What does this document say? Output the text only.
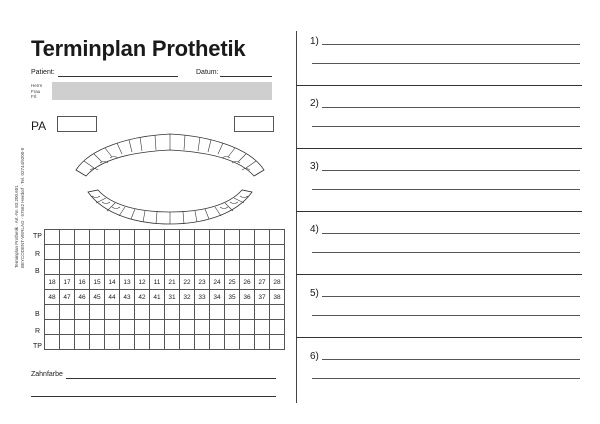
Terminplan Prothetik
Patient:	Datum:
Herrn
Frau
Frl.
PA
Terminplan Prothetik · Art.-Nr. 83.200.601 BEYCODENT-VERLAG · 57562 Herdorf · Tel. 02744/9200-0

18	17	16	15	14	13	12	11	21	22	23	24	25	26	27	28
48	47	46	45	44	43	42	41	31	32	33	34	35	36	37	38

TP
R
B
B
R
TP
Zahnfarbe
1)
2)
3)
4)
5)
6)
